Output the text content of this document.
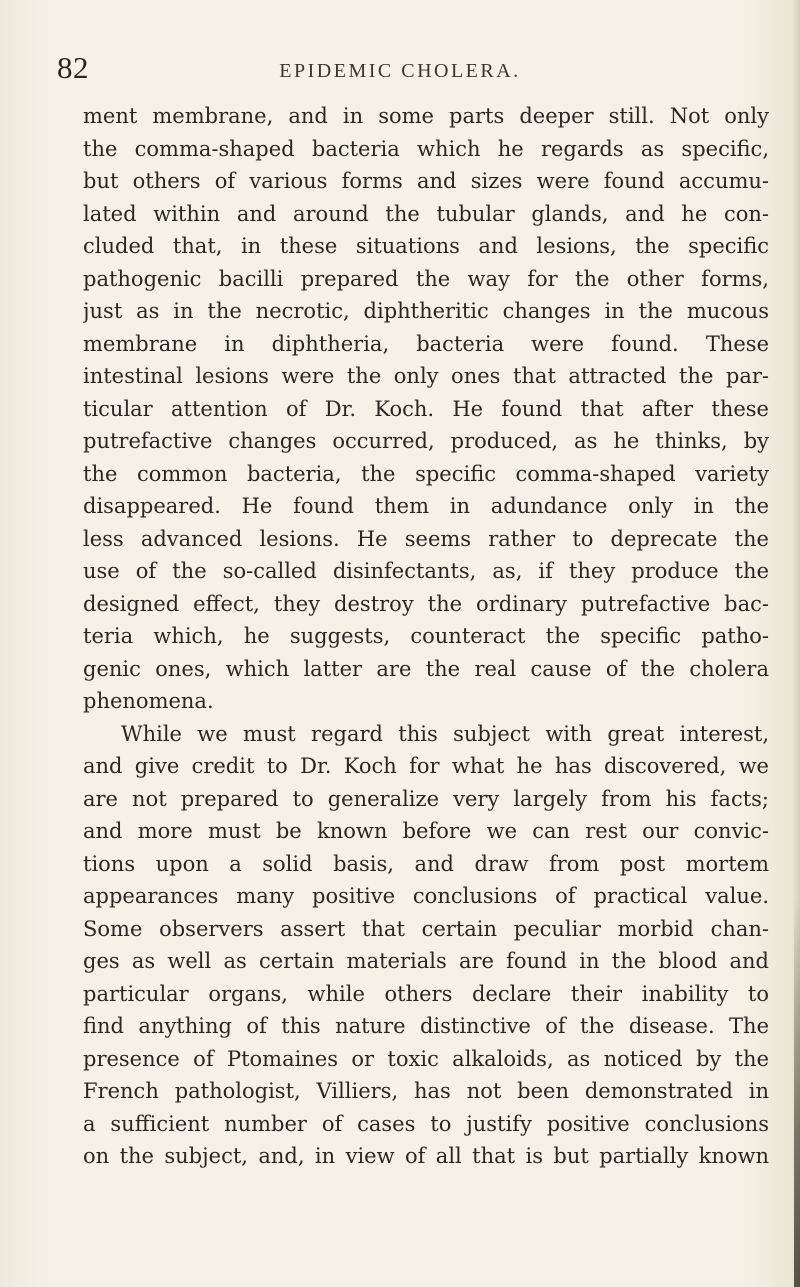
82	EPIDEMIC CHOLERA.
ment membrane, and in some parts deeper still. Not only
the comma-shaped bacteria which he regards as specific,
but others of various forms and sizes were found accumu-
lated within and around the tubular glands, and he con-
cluded that, in these situations and lesions, the specific
pathogenic bacilli prepared the way for the other forms,
just as in the necrotic, diphtheritic changes in the mucous
membrane in diphtheria, bacteria were found. These
intestinal lesions were the only ones that attracted the par-
ticular attention of Dr. Koch. He found that after these
putrefactive changes occurred, produced, as he thinks, by
the common bacteria, the specific comma-shaped variety
disappeared. He found them in adundance only in the
less advanced lesions. He seems rather to deprecate the
use of the so-called disinfectants, as, if they produce the
designed effect, they destroy the ordinary putrefactive bac-
teria which, he suggests, counteract the specific patho-
genic ones, which latter are the real cause of the cholera
phenomena.
While we must regard this subject with great interest,
and give credit to Dr. Koch for what he has discovered, we
are not prepared to generalize very largely from his facts;
and more must be known before we can rest our convic-
tions upon a solid basis, and draw from post mortem
appearances many positive conclusions of practical value.
Some observers assert that certain peculiar morbid chan-
ges as well as certain materials are found in the blood and
particular organs, while others declare their inability to
find anything of this nature distinctive of the disease. The
presence of Ptomaines or toxic alkaloids, as noticed by the
French pathologist, Villiers, has not been demonstrated in
a sufficient number of cases to justify positive conclusions
on the subject, and, in view of all that is but partially known
